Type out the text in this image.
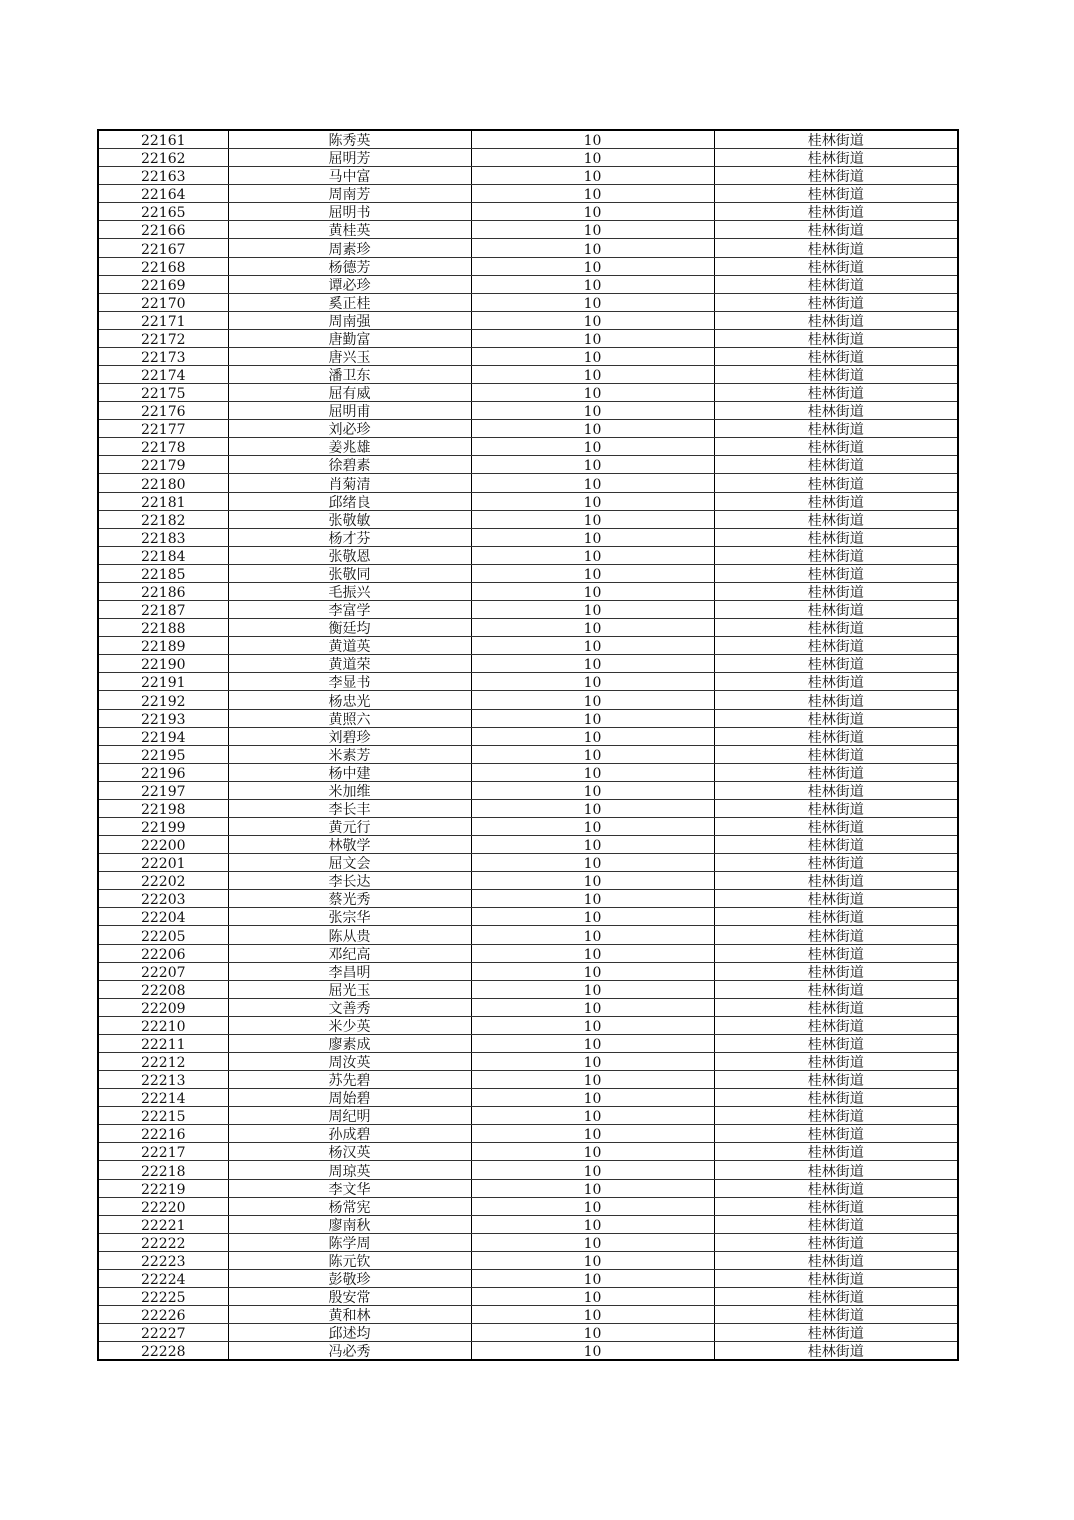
22161	陈秀英	10	桂林街道
22162	屈明芳	10	桂林街道
22163	马中富	10	桂林街道
22164	周南芳	10	桂林街道
22165	屈明书	10	桂林街道
22166	黄桂英	10	桂林街道
22167	周素珍	10	桂林街道
22168	杨德芳	10	桂林街道
22169	谭必珍	10	桂林街道
22170	奚正桂	10	桂林街道
22171	周南强	10	桂林街道
22172	唐勤富	10	桂林街道
22173	唐兴玉	10	桂林街道
22174	潘卫东	10	桂林街道
22175	屈有威	10	桂林街道
22176	屈明甫	10	桂林街道
22177	刘必珍	10	桂林街道
22178	姜兆雄	10	桂林街道
22179	徐碧素	10	桂林街道
22180	肖菊清	10	桂林街道
22181	邱绪良	10	桂林街道
22182	张敬敏	10	桂林街道
22183	杨才芬	10	桂林街道
22184	张敬恩	10	桂林街道
22185	张敬同	10	桂林街道
22186	毛振兴	10	桂林街道
22187	李富学	10	桂林街道
22188	衡廷均	10	桂林街道
22189	黄道英	10	桂林街道
22190	黄道荣	10	桂林街道
22191	李显书	10	桂林街道
22192	杨忠光	10	桂林街道
22193	黄照六	10	桂林街道
22194	刘碧珍	10	桂林街道
22195	米素芳	10	桂林街道
22196	杨中建	10	桂林街道
22197	米加维	10	桂林街道
22198	李长丰	10	桂林街道
22199	黄元行	10	桂林街道
22200	林敬学	10	桂林街道
22201	屈文会	10	桂林街道
22202	李长达	10	桂林街道
22203	蔡光秀	10	桂林街道
22204	张宗华	10	桂林街道
22205	陈从贵	10	桂林街道
22206	邓纪高	10	桂林街道
22207	李昌明	10	桂林街道
22208	屈光玉	10	桂林街道
22209	文善秀	10	桂林街道
22210	米少英	10	桂林街道
22211	廖素成	10	桂林街道
22212	周汝英	10	桂林街道
22213	苏先碧	10	桂林街道
22214	周始碧	10	桂林街道
22215	周纪明	10	桂林街道
22216	孙成碧	10	桂林街道
22217	杨汉英	10	桂林街道
22218	周琼英	10	桂林街道
22219	李文华	10	桂林街道
22220	杨常宪	10	桂林街道
22221	廖南秋	10	桂林街道
22222	陈学周	10	桂林街道
22223	陈元钦	10	桂林街道
22224	彭敬珍	10	桂林街道
22225	殷安常	10	桂林街道
22226	黄和林	10	桂林街道
22227	邱述均	10	桂林街道
22228	冯必秀	10	桂林街道
